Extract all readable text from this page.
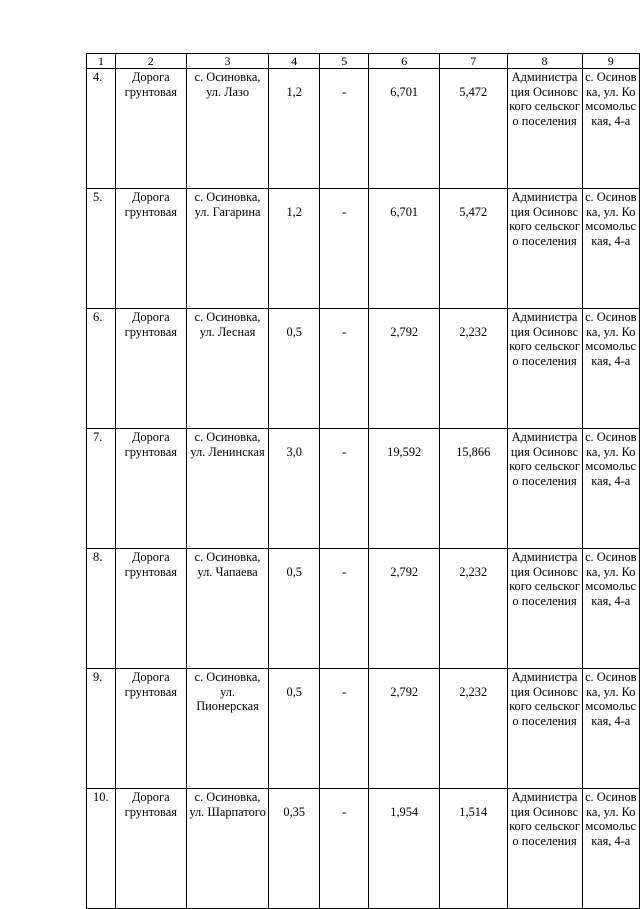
1	2	3	4	5	6	7	8	9
4.	Дорога грунтовая	с. Осиновка, ул. Лазо	1,2	-	6,701	5,472	Администрация Осиновского сельского поселения	с. Осиновка, ул. Комсомольская, 4-а
5.	Дорога грунтовая	с. Осиновка, ул. Гагарина	1,2	-	6,701	5,472	Администрация Осиновского сельского поселения	с. Осиновка, ул. Комсомольская, 4-а
6.	Дорога грунтовая	с. Осиновка, ул. Лесная	0,5	-	2,792	2,232	Администрация Осиновского сельского поселения	с. Осиновка, ул. Комсомольская, 4-а
7.	Дорога грунтовая	с. Осиновка, ул. Ленинская	3,0	-	19,592	15,866	Администрация Осиновского сельского поселения	с. Осиновка, ул. Комсомольская, 4-а
8.	Дорога грунтовая	с. Осиновка, ул. Чапаева	0,5	-	2,792	2,232	Администрация Осиновского сельского поселения	с. Осиновка, ул. Комсомольская, 4-а
9.	Дорога грунтовая	с. Осиновка, ул. Пионерская	0,5	-	2,792	2,232	Администрация Осиновского сельского поселения	с. Осиновка, ул. Комсомольская, 4-а
10.	Дорога грунтовая	с. Осиновка, ул. Шарпатого	0,35	-	1,954	1,514	Администрация Осиновского сельского поселения	с. Осиновка, ул. Комсомольская, 4-а
